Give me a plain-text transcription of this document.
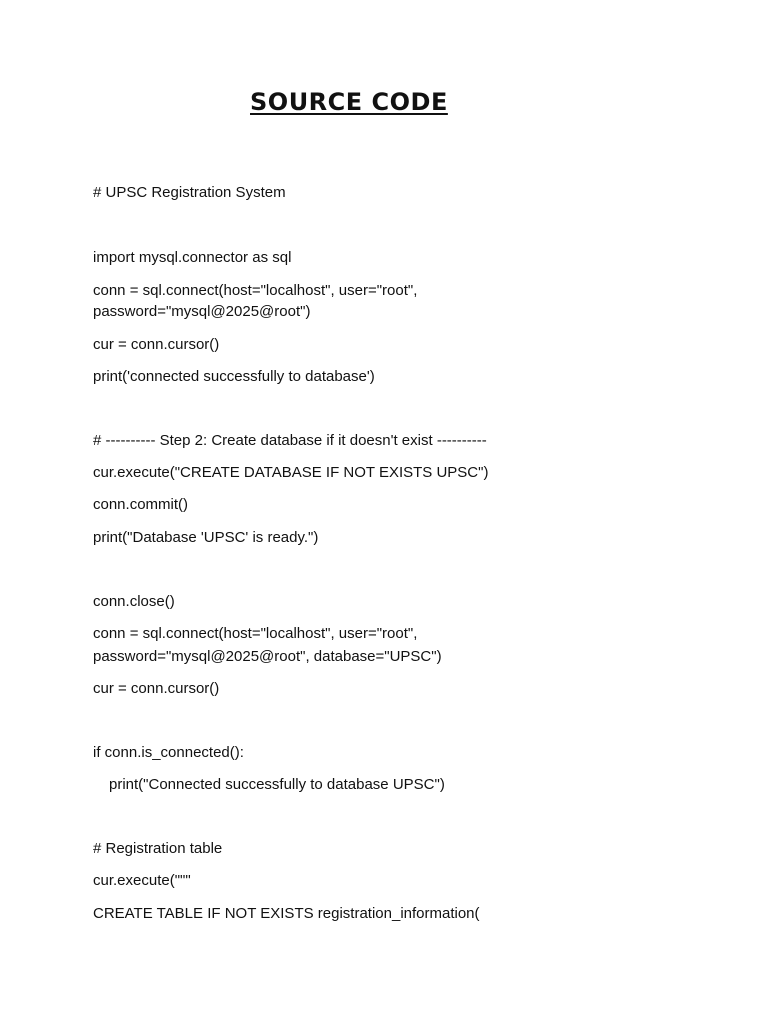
SOURCE CODE
# UPSC Registration System
import mysql.connector as sql
conn = sql.connect(host="localhost", user="root",
password="mysql@2025@root")
cur = conn.cursor()
print('connected successfully to database')
# ---------- Step 2: Create database if it doesn't exist ----------
cur.execute("CREATE DATABASE IF NOT EXISTS UPSC")
conn.commit()
print("Database 'UPSC' is ready.")
conn.close()
conn = sql.connect(host="localhost", user="root",
password="mysql@2025@root", database="UPSC")
cur = conn.cursor()
if conn.is_connected():
print("Connected successfully to database UPSC")
# Registration table
cur.execute("""
CREATE TABLE IF NOT EXISTS registration_information(
